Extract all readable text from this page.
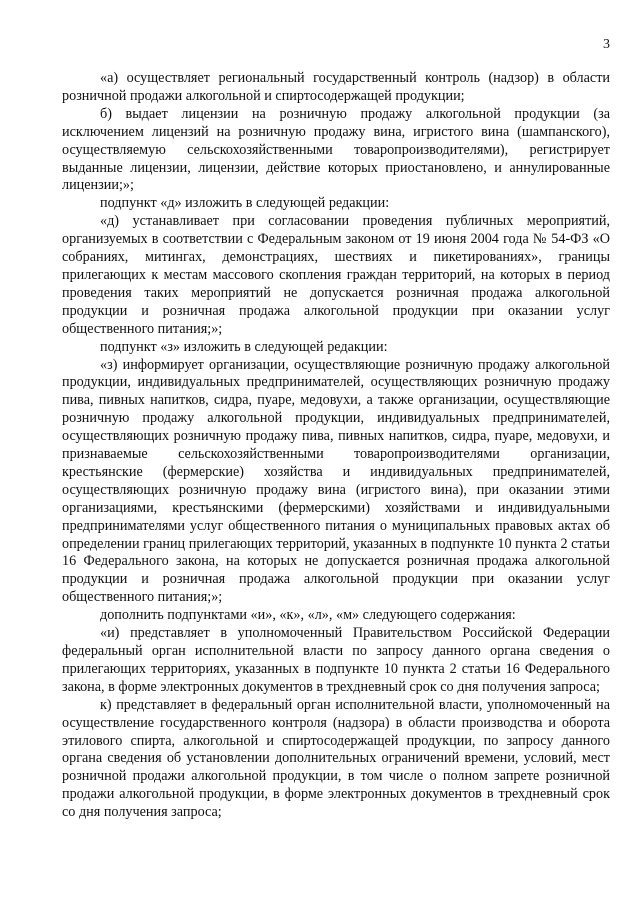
3

«а) осуществляет региональный государственный контроль (надзор) в области розничной продажи алкогольной и спиртосодержащей продукции;

б) выдает лицензии на розничную продажу алкогольной продукции (за исключением лицензий на розничную продажу вина, игристого вина (шампанского), осуществляемую сельскохозяйственными товаропроизводителями), регистрирует выданные лицензии, лицензии, действие которых приостановлено, и аннулированные лицензии;»;

подпункт «д» изложить в следующей редакции:

«д) устанавливает при согласовании проведения публичных мероприятий, организуемых в соответствии с Федеральным законом от 19 июня 2004 года № 54-ФЗ «О собраниях, митингах, демонстрациях, шествиях и пикетированиях», границы прилегающих к местам массового скопления граждан территорий, на которых в период проведения таких мероприятий не допускается розничная продажа алкогольной продукции и розничная продажа алкогольной продукции при оказании услуг общественного питания;»;

подпункт «з» изложить в следующей редакции:

«з) информирует организации, осуществляющие розничную продажу алкогольной продукции, индивидуальных предпринимателей, осуществляющих розничную продажу пива, пивных напитков, сидра, пуаре, медовухи, а также организации, осуществляющие розничную продажу алкогольной продукции, индивидуальных предпринимателей, осуществляющих розничную продажу пива, пивных напитков, сидра, пуаре, медовухи, и признаваемые сельскохозяйственными товаропроизводителями организации, крестьянские (фермерские) хозяйства и индивидуальных предпринимателей, осуществляющих розничную продажу вина (игристого вина), при оказании этими организациями, крестьянскими (фермерскими) хозяйствами и индивидуальными предпринимателями услуг общественного питания о муниципальных правовых актах об определении границ прилегающих территорий, указанных в подпункте 10 пункта 2 статьи 16 Федерального закона, на которых не допускается розничная продажа алкогольной продукции и розничная продажа алкогольной продукции при оказании услуг общественного питания;»;

дополнить подпунктами «и», «к», «л», «м» следующего содержания:

«и) представляет в уполномоченный Правительством Российской Федерации федеральный орган исполнительной власти по запросу данного органа сведения о прилегающих территориях, указанных в подпункте 10 пункта 2 статьи 16 Федерального закона, в форме электронных документов в трехдневный срок со дня получения запроса;

к) представляет в федеральный орган исполнительной власти, уполномоченный на осуществление государственного контроля (надзора) в области производства и оборота этилового спирта, алкогольной и спиртосодержащей продукции, по запросу данного органа сведения об установлении дополнительных ограничений времени, условий, мест розничной продажи алкогольной продукции, в том числе о полном запрете розничной продажи алкогольной продукции, в форме электронных документов в трехдневный срок со дня получения запроса;
